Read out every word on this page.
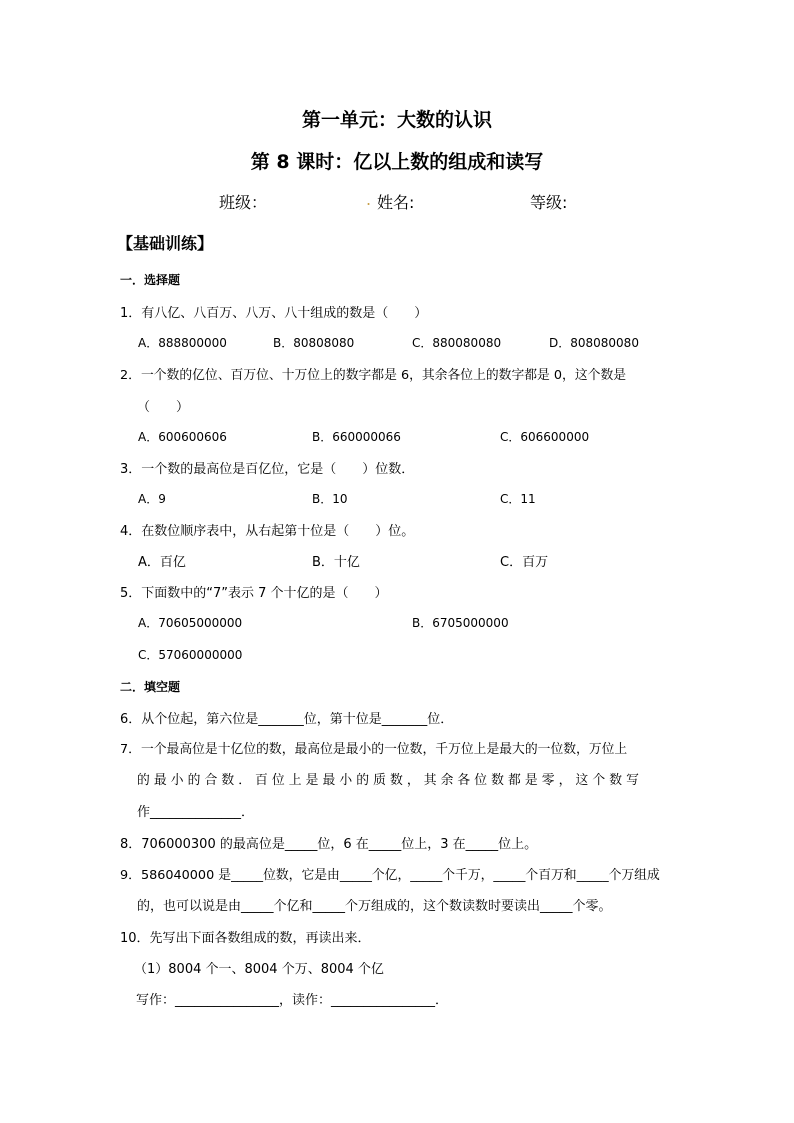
第一单元：大数的认识
第 8 课时：亿以上数的组成和读写
班级：	. 姓名:	等级:
【基础训练】
一．选择题
1．有八亿、八百万、八万、八十组成的数是（　　）
A．888800000	B．80808080	C．880080080	D．808080080
2．一个数的亿位、百万位、十万位上的数字都是 6，其余各位上的数字都是 0，这个数是
（　　）
A．600600606	B．660000066	C．606600000
3．一个数的最高位是百亿位，它是（　　）位数．
A．9	B．10	C．11
4．在数位顺序表中，从右起第十位是（　　）位。
A．百亿	B．十亿	C．百万
5．下面数中的“7”表示 7 个十亿的是（　　）
A．70605000000	B．6705000000
C．57060000000
二．填空题
6．从个位起，第六位是_______位，第十位是_______位．
7．一个最高位是十亿位的数，最高位是最小的一位数，千万位上是最大的一位数，万位上
的 最 小 的 合 数 ． 百 位 上 是 最 小 的 质 数 ， 其 余 各 位 数 都 是 零 ， 这 个 数 写
作______________．
8．706000300 的最高位是_____位，6 在_____位上，3 在_____位上。
9．586040000 是_____位数，它是由_____个亿，_____个千万，_____个百万和_____个万组成
的，也可以说是由_____个亿和_____个万组成的，这个数读数时要读出_____个零。
10．先写出下面各数组成的数，再读出来．
（1）8004 个一、8004 个万、8004 个亿
写作：________________，读作：________________．
